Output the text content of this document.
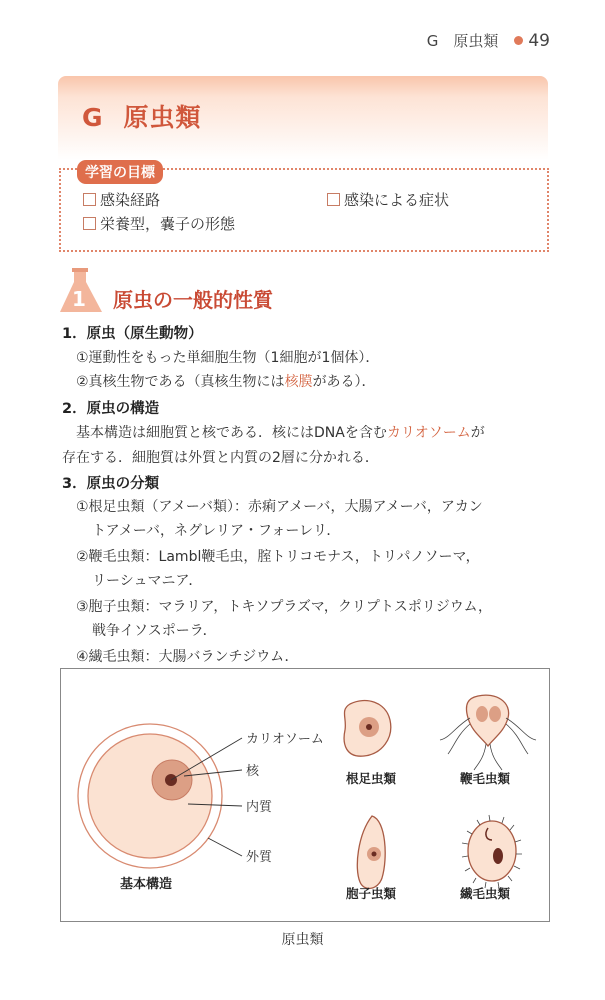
G　原虫類 49
G 原虫類
学習の目標
感染経路	感染による症状
栄養型，嚢子の形態
1 原虫の一般的性質
1．原虫（原生動物）
①運動性をもった単細胞生物（1細胞が1個体）．
②真核生物である（真核生物には核膜がある）．
2．原虫の構造
基本構造は細胞質と核である．核にはDNAを含むカリオソームが
存在する．細胞質は外質と内質の2層に分かれる．
3．原虫の分類
①根足虫類（アメーバ類）：赤痢アメーバ，大腸アメーバ，アカン
トアメーバ，ネグレリア・フォーレリ．
②鞭毛虫類：Lambl鞭毛虫，腟トリコモナス，トリパノソーマ，
リーシュマニア．
③胞子虫類：マラリア，トキソプラズマ，クリプトスポリジウム，
戦争イソスポーラ．
④繊毛虫類：大腸バランチジウム．
カリオソーム
核
内質
外質
基本構造
根足虫類	鞭毛虫類
胞子虫類	繊毛虫類
原虫類
